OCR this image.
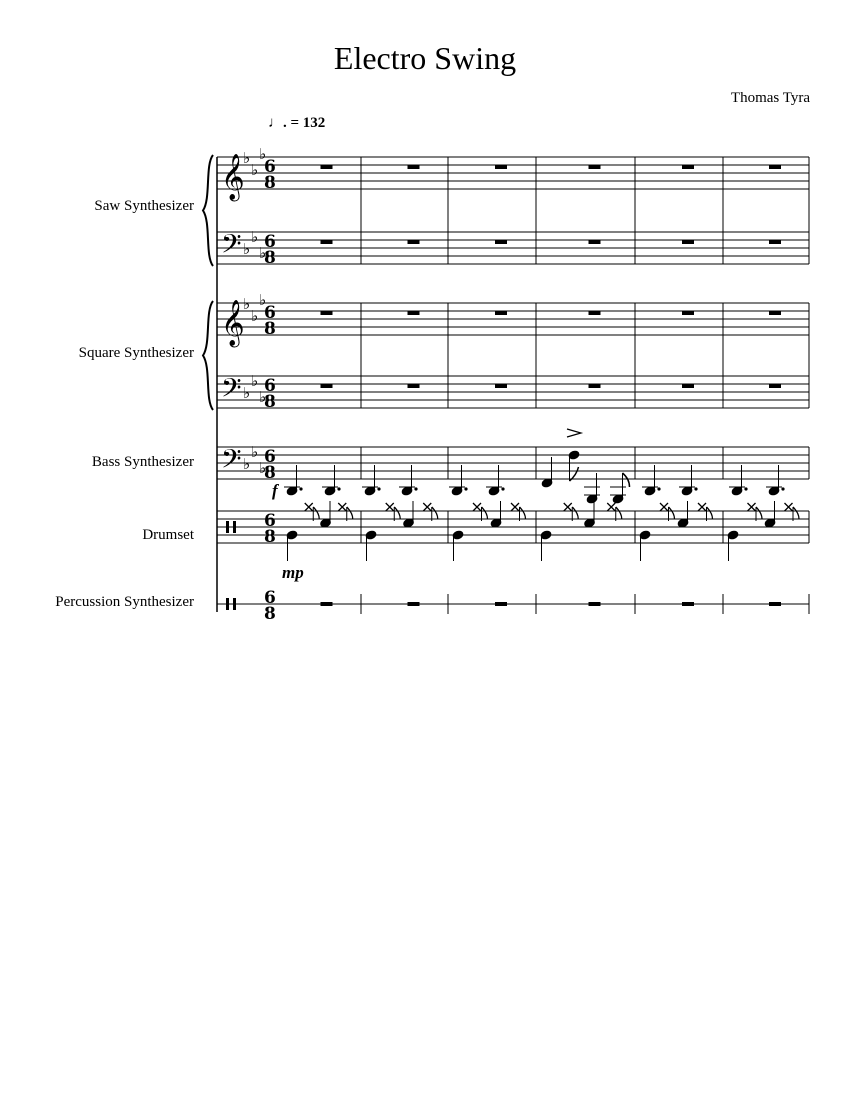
Electro Swing
Thomas Tyra
♩. = 132
Saw Synthesizer
Square Synthesizer
Bass Synthesizer
Drumset
Percussion Synthesizer
f
mp
𝄞
♭
♭
♭
6
8
𝄢 ♭
♭
♭
6
8
𝄞
♭
♭
♭
6
8
𝄢 ♭
♭
♭
6
8
𝄢 ♭
♭
♭
6
8
6
8
6
8
